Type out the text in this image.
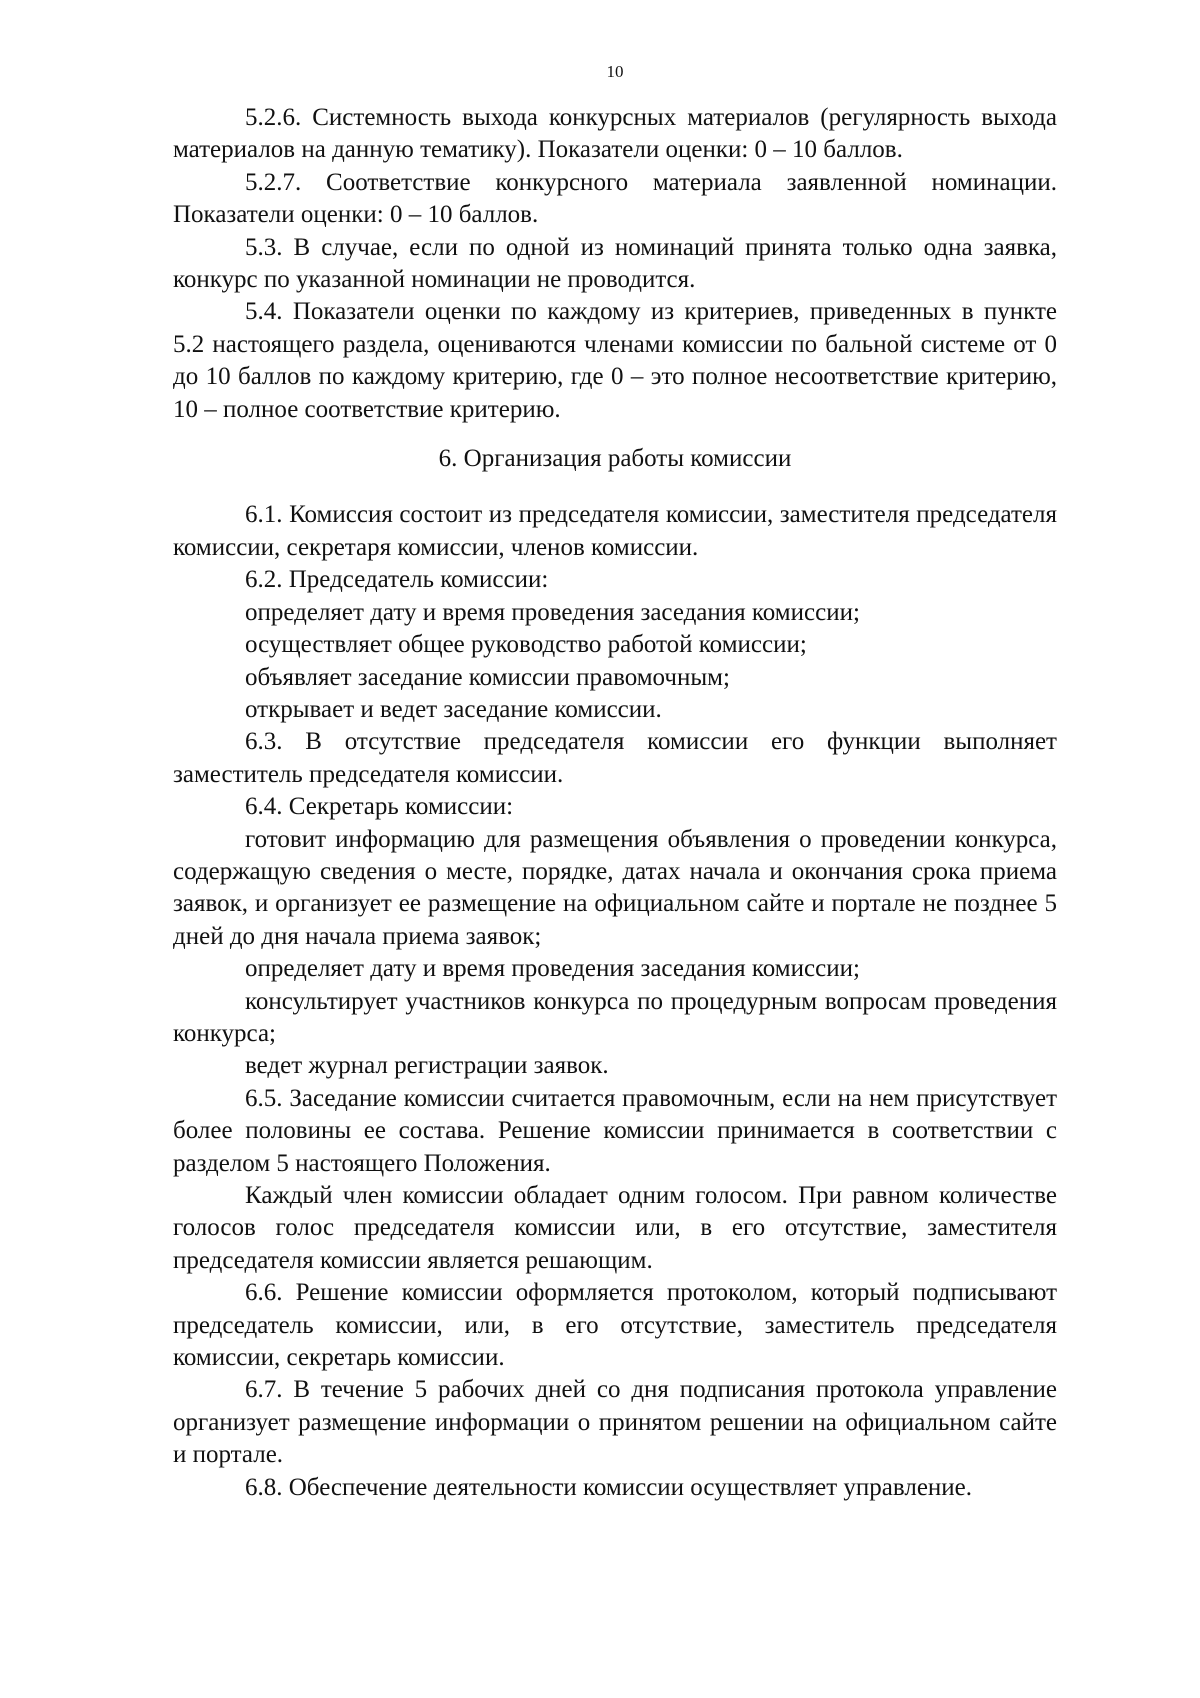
10

5.2.6. Системность выхода конкурсных материалов (регулярность выхода материалов на данную тематику). Показатели оценки: 0 – 10 баллов.

5.2.7. Соответствие конкурсного материала заявленной номинации. Показатели оценки: 0 – 10 баллов.

5.3. В случае, если по одной из номинаций принята только одна заявка, конкурс по указанной номинации не проводится.

5.4. Показатели оценки по каждому из критериев, приведенных в пункте 5.2 настоящего раздела, оцениваются членами комиссии по бальной системе от 0 до 10 баллов по каждому критерию, где 0 – это полное несоответствие критерию, 10 – полное соответствие критерию.

6. Организация работы комиссии

6.1. Комиссия состоит из председателя комиссии, заместителя председателя комиссии, секретаря комиссии, членов комиссии.

6.2. Председатель комиссии:

определяет дату и время проведения заседания комиссии;

осуществляет общее руководство работой комиссии;

объявляет заседание комиссии правомочным;

открывает и ведет заседание комиссии.

6.3. В отсутствие председателя комиссии его функции выполняет заместитель председателя комиссии.

6.4. Секретарь комиссии:

готовит информацию для размещения объявления о проведении конкурса, содержащую сведения о месте, порядке, датах начала и окончания срока приема заявок, и организует ее размещение на официальном сайте и портале не позднее 5 дней до дня начала приема заявок;

определяет дату и время проведения заседания комиссии;

консультирует участников конкурса по процедурным вопросам проведения конкурса;

ведет журнал регистрации заявок.

6.5. Заседание комиссии считается правомочным, если на нем присутствует более половины ее состава. Решение комиссии принимается в соответствии с разделом 5 настоящего Положения.

Каждый член комиссии обладает одним голосом. При равном количестве голосов голос председателя комиссии или, в его отсутствие, заместителя председателя комиссии является решающим.

6.6. Решение комиссии оформляется протоколом, который подписывают председатель комиссии, или, в его отсутствие, заместитель председателя комиссии, секретарь комиссии.

6.7. В течение 5 рабочих дней со дня подписания протокола управление организует размещение информации о принятом решении на официальном сайте и портале.

6.8. Обеспечение деятельности комиссии осуществляет управление.
